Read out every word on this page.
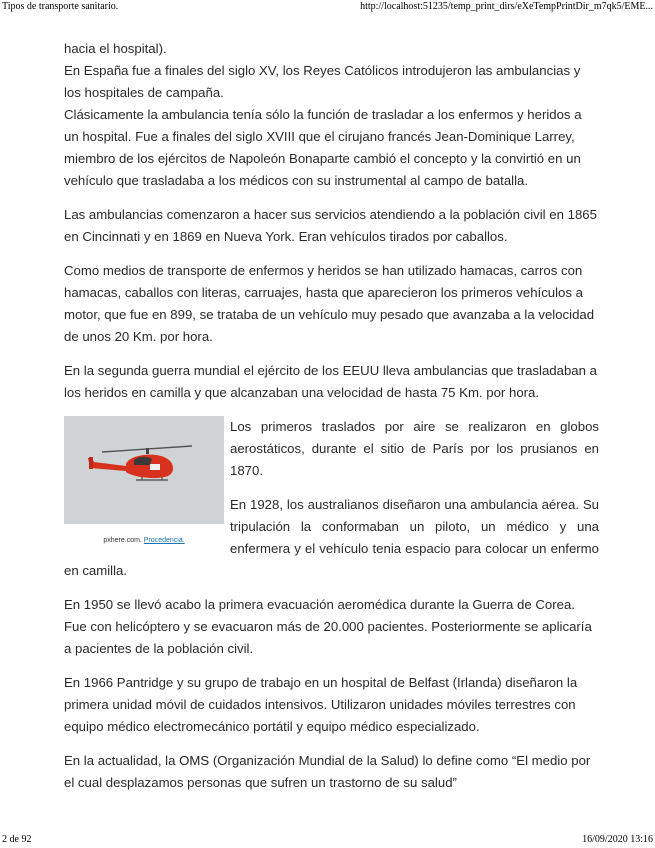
Tipos de transporte sanitario.	http://localhost:51235/temp_print_dirs/eXeTempPrintDir_m7qk5/EME...

hacia el hospital).

En España fue a finales del siglo XV, los Reyes Católicos introdujeron las ambulancias y los hospitales de campaña.

Clásicamente la ambulancia tenía sólo la función de trasladar a los enfermos y heridos a un hospital. Fue a finales del siglo XVIII que el cirujano francés Jean-Dominique Larrey, miembro de los ejércitos de Napoleón Bonaparte cambió el concepto y la convirtió en un vehículo que trasladaba a los médicos con su instrumental al campo de batalla.

Las ambulancias comenzaron a hacer sus servicios atendiendo a la población civil en 1865 en Cincinnati y en 1869 en Nueva York. Eran vehículos tirados por caballos.

Como medios de transporte de enfermos y heridos se han utilizado hamacas, carros con hamacas, caballos con literas, carruajes, hasta que aparecieron los primeros vehículos a motor, que fue en 899, se trataba de un vehículo muy pesado que avanzaba a la velocidad de unos 20 Km. por hora.

En la segunda guerra mundial el ejército de los EEUU lleva ambulancias que trasladaban a los heridos en camilla y que alcanzaban una velocidad de hasta 75 Km. por hora.

pxhere.com. Procedencia.

Los primeros traslados por aire se realizaron en globos aerostáticos, durante el sitio de París por los prusianos en 1870.

En 1928, los australianos diseñaron una ambulancia aérea. Su tripulación la conformaban un piloto, un médico y una enfermera y el vehículo tenia espacio para colocar un enfermo en camilla.

En 1950 se llevó acabo la primera evacuación aeromédica durante la Guerra de Corea. Fue con helicóptero y se evacuaron más de 20.000 pacientes. Posteriormente se aplicaría a pacientes de la población civil.

En 1966 Pantridge y su grupo de trabajo en un hospital de Belfast (Irlanda) diseñaron la primera unidad móvil de cuidados intensivos. Utilizaron unidades móviles terrestres con equipo médico electromecánico portátil y equipo médico especializado.

En la actualidad, la OMS (Organización Mundial de la Salud) lo define como “El medio por el cual desplazamos personas que sufren un trastorno de su salud”

2 de 92	16/09/2020 13:16
